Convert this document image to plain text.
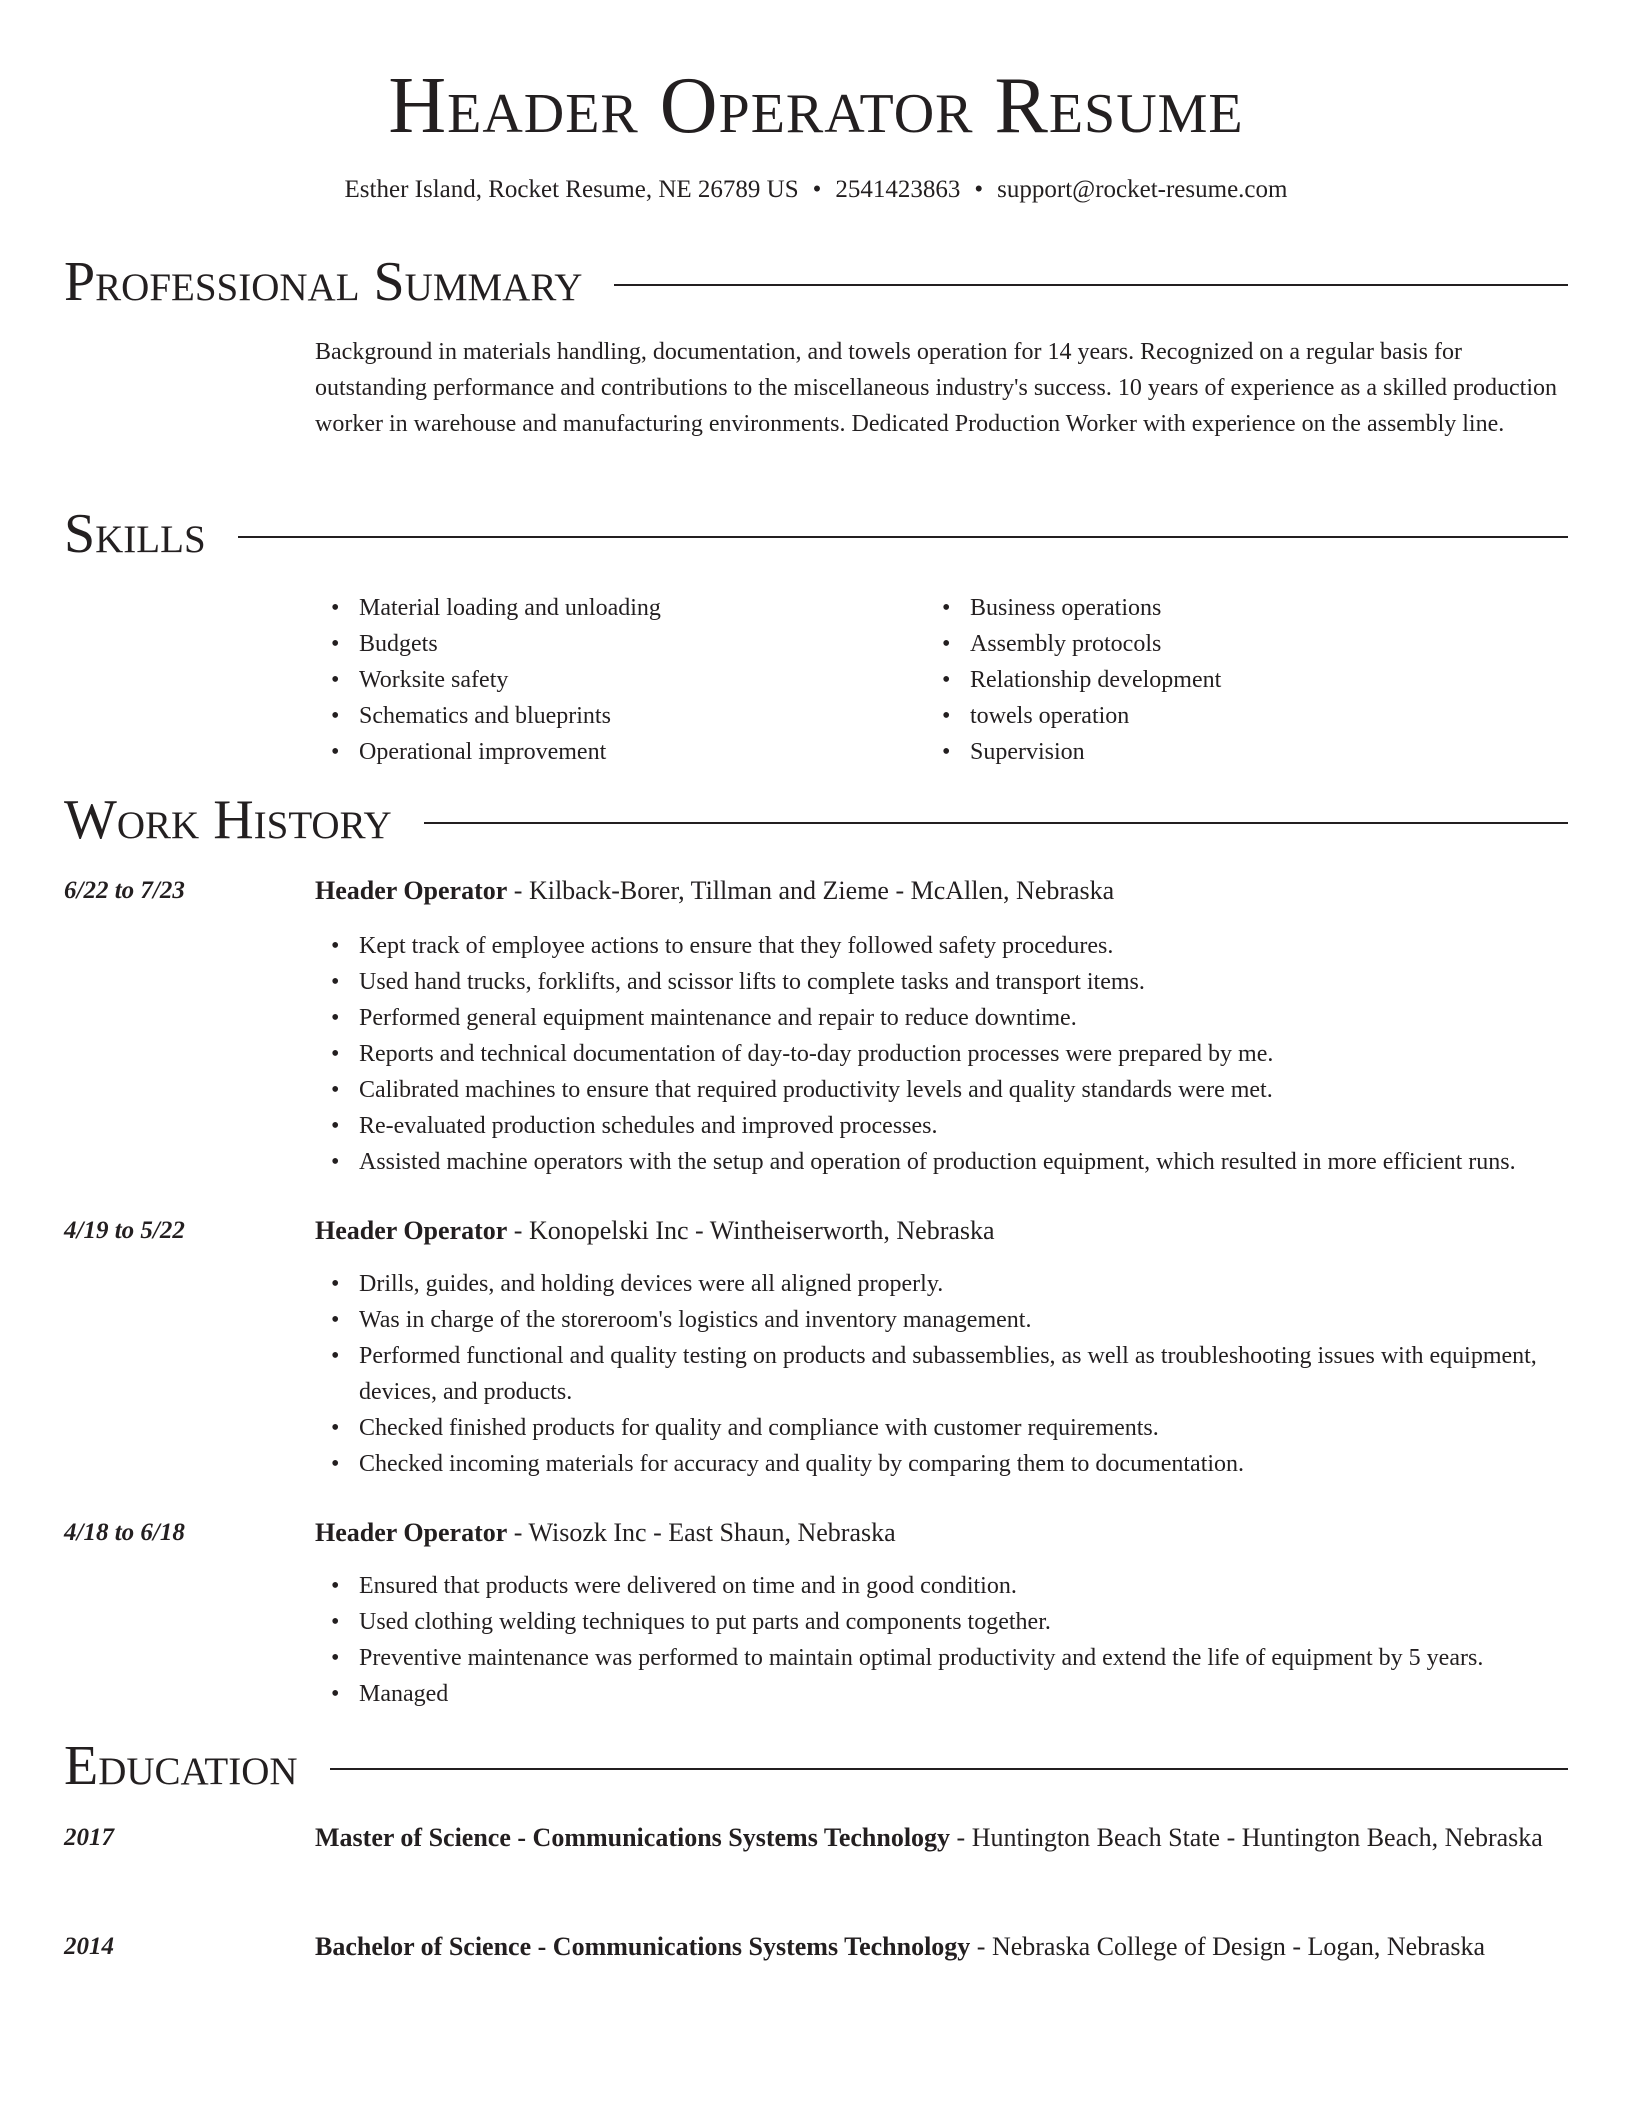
Header Operator Resume
Esther Island, Rocket Resume, NE 26789 US • 2541423863 • support@rocket-resume.com
Professional Summary
Background in materials handling, documentation, and towels operation for 14 years. Recognized on a regular basis for outstanding performance and contributions to the miscellaneous industry's success. 10 years of experience as a skilled production worker in warehouse and manufacturing environments. Dedicated Production Worker with experience on the assembly line.
Skills
• Material loading and unloading
• Budgets
• Worksite safety
• Schematics and blueprints
• Operational improvement
• Business operations
• Assembly protocols
• Relationship development
• towels operation
• Supervision
Work History
6/22 to 7/23	Header Operator - Kilback-Borer, Tillman and Zieme - McAllen, Nebraska
• Kept track of employee actions to ensure that they followed safety procedures.
• Used hand trucks, forklifts, and scissor lifts to complete tasks and transport items.
• Performed general equipment maintenance and repair to reduce downtime.
• Reports and technical documentation of day-to-day production processes were prepared by me.
• Calibrated machines to ensure that required productivity levels and quality standards were met.
• Re-evaluated production schedules and improved processes.
• Assisted machine operators with the setup and operation of production equipment, which resulted in more efficient runs.
4/19 to 5/22	Header Operator - Konopelski Inc - Wintheiserworth, Nebraska
• Drills, guides, and holding devices were all aligned properly.
• Was in charge of the storeroom's logistics and inventory management.
• Performed functional and quality testing on products and subassemblies, as well as troubleshooting issues with equipment, devices, and products.
• Checked finished products for quality and compliance with customer requirements.
• Checked incoming materials for accuracy and quality by comparing them to documentation.
4/18 to 6/18	Header Operator - Wisozk Inc - East Shaun, Nebraska
• Ensured that products were delivered on time and in good condition.
• Used clothing welding techniques to put parts and components together.
• Preventive maintenance was performed to maintain optimal productivity and extend the life of equipment by 5 years.
• Managed
Education
2017	Master of Science - Communications Systems Technology - Huntington Beach State - Huntington Beach, Nebraska
2014	Bachelor of Science - Communications Systems Technology - Nebraska College of Design - Logan, Nebraska
